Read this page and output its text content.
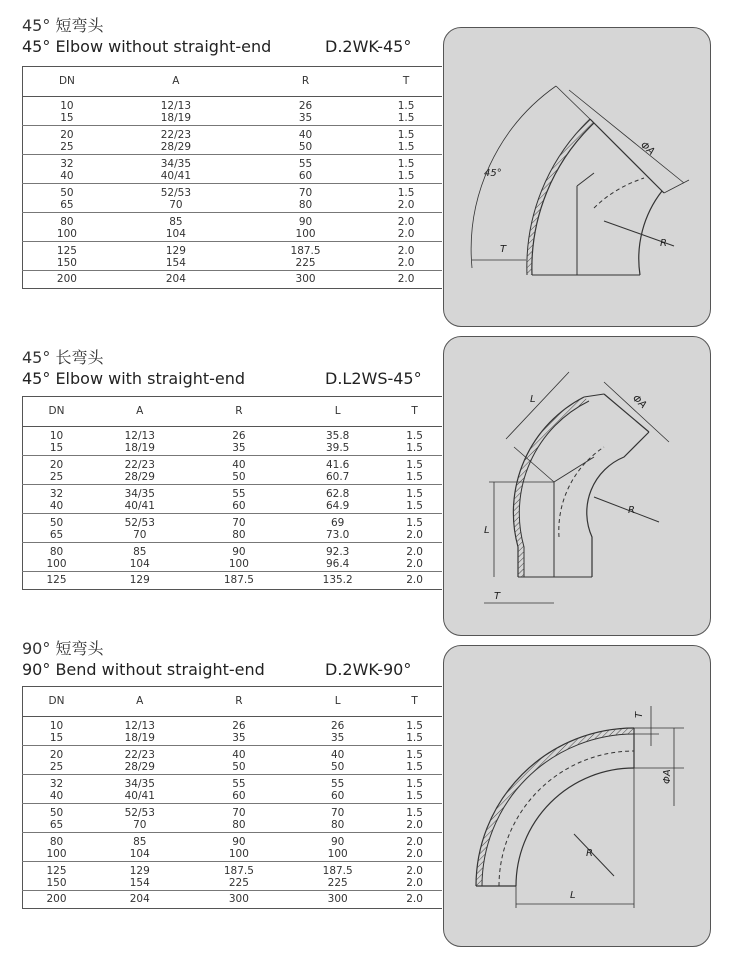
45° 短弯头
45° Elbow without straight-end	D.2WK-45°
DN	A	R	T
10	12/13	26	1.5
15	18/19	35	1.5
20	22/23	40	1.5
25	28/29	50	1.5
32	34/35	55	1.5
40	40/41	60	1.5
50	52/53	70	1.5
65	70	80	2.0
80	85	90	2.0
100	104	100	2.0
125	129	187.5	2.0
150	154	225	2.0
200	204	300	2.0
R
ΦA
45°
T
45° 长弯头
45° Elbow with straight-end	D.L2WS-45°
DN	A	R	L	T
10	12/13	26	35.8	1.5
15	18/19	35	39.5	1.5
20	22/23	40	41.6	1.5
25	28/29	50	60.7	1.5
32	34/35	55	62.8	1.5
40	40/41	60	64.9	1.5
50	52/53	70	69	1.5
65	70	80	73.0	2.0
80	85	90	92.3	2.0
100	104	100	96.4	2.0
125	129	187.5	135.2	2.0
R
L	ΦA
L
T
90° 短弯头
90° Bend without straight-end	D.2WK-90°
DN	A	R	L	T
10	12/13	26	26	1.5
15	18/19	35	35	1.5
20	22/23	40	40	1.5
25	28/29	50	50	1.5
32	34/35	55	55	1.5
40	40/41	60	60	1.5
50	52/53	70	70	1.5
65	70	80	80	2.0
80	85	90	90	2.0
100	104	100	100	2.0
125	129	187.5	187.5	2.0
150	154	225	225	2.0
200	204	300	300	2.0
R
T
ΦA
L
